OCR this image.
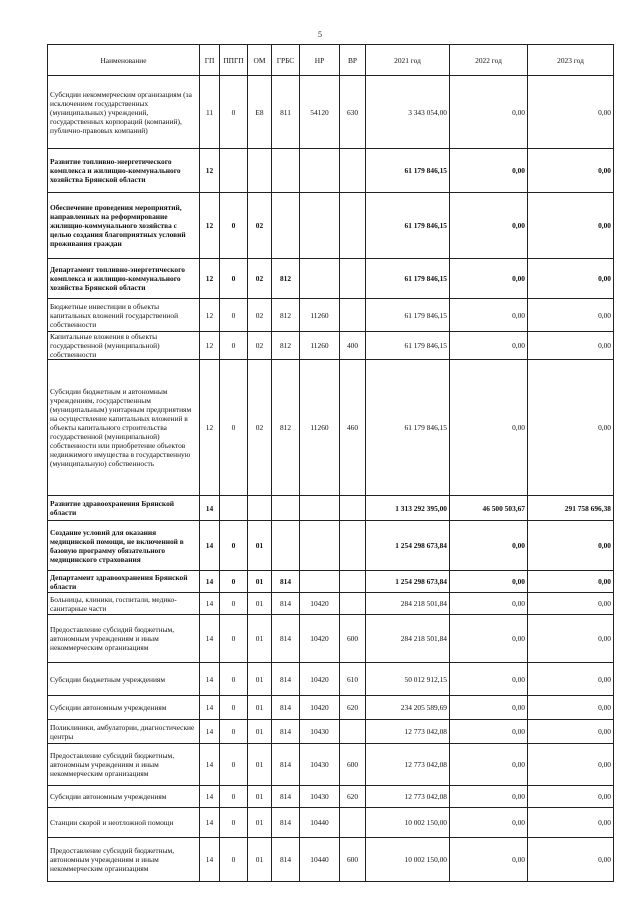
5
Наименование	ГП	ППГП	ОМ	ГРБС	НР	ВР	2021 год	2022 год	2023 год
Субсидии некоммерческим организациям (за исключением государственных (муниципальных) учреждений, государственных корпораций (компаний), публично-правовых компаний)	11	0	Е8	811	54120	630	3 343 054,00	0,00	0,00
Развитие топливно-энергетического комплекса и жилищно-коммунального хозяйства Брянской области	12						61 179 846,15	0,00	0,00
Обеспечение проведения мероприятий, направленных на реформирование жилищно-коммунального хозяйства с целью создания благоприятных условий проживания граждан	12	0	02				61 179 846,15	0,00	0,00
Департамент топливно-энергетического комплекса и жилищно-коммунального хозяйства Брянской области	12	0	02	812			61 179 846,15	0,00	0,00
Бюджетные инвестиции в объекты капитальных вложений государственной собственности	12	0	02	812	11260		61 179 846,15	0,00	0,00
Капитальные вложения в объекты государственной (муниципальной) собственности	12	0	02	812	11260	400	61 179 846,15	0,00	0,00
Субсидии бюджетным и автономным учреждениям, государственным (муниципальным) унитарным предприятиям на осуществление капитальных вложений в объекты капитального строительства государственной (муниципальной) собственности или приобретение объектов недвижимого имущества в государственную (муниципальную) собственность	12	0	02	812	11260	460	61 179 846,15	0,00	0,00
Развитие здравоохранения Брянской области	14						1 313 292 395,00	46 500 503,67	291 758 696,38
Создание условий для оказания медицинской помощи, не включенной в базовую программу обязательного медицинского страхования	14	0	01				1 254 298 673,84	0,00	0,00
Департамент здравоохранения Брянской области	14	0	01	814			1 254 298 673,84	0,00	0,00
Больницы, клиники, госпитали, медико-санитарные части	14	0	01	814	10420		284 218 501,84	0,00	0,00
Предоставление субсидий бюджетным, автономным учреждениям и иным некоммерческим организациям	14	0	01	814	10420	600	284 218 501,84	0,00	0,00
Субсидии бюджетным учреждениям	14	0	01	814	10420	610	50 012 912,15	0,00	0,00
Субсидии автономным учреждениям	14	0	01	814	10420	620	234 205 589,69	0,00	0,00
Поликлиники, амбулатории, диагностические центры	14	0	01	814	10430		12 773 042,08	0,00	0,00
Предоставление субсидий бюджетным, автономным учреждениям и иным некоммерческим организациям	14	0	01	814	10430	600	12 773 042,08	0,00	0,00
Субсидии автономным учреждениям	14	0	01	814	10430	620	12 773 042,08	0,00	0,00
Станции скорой и неотложной помощи	14	0	01	814	10440		10 002 150,00	0,00	0,00
Предоставление субсидий бюджетным, автономным учреждениям и иным некоммерческим организациям	14	0	01	814	10440	600	10 002 150,00	0,00	0,00
